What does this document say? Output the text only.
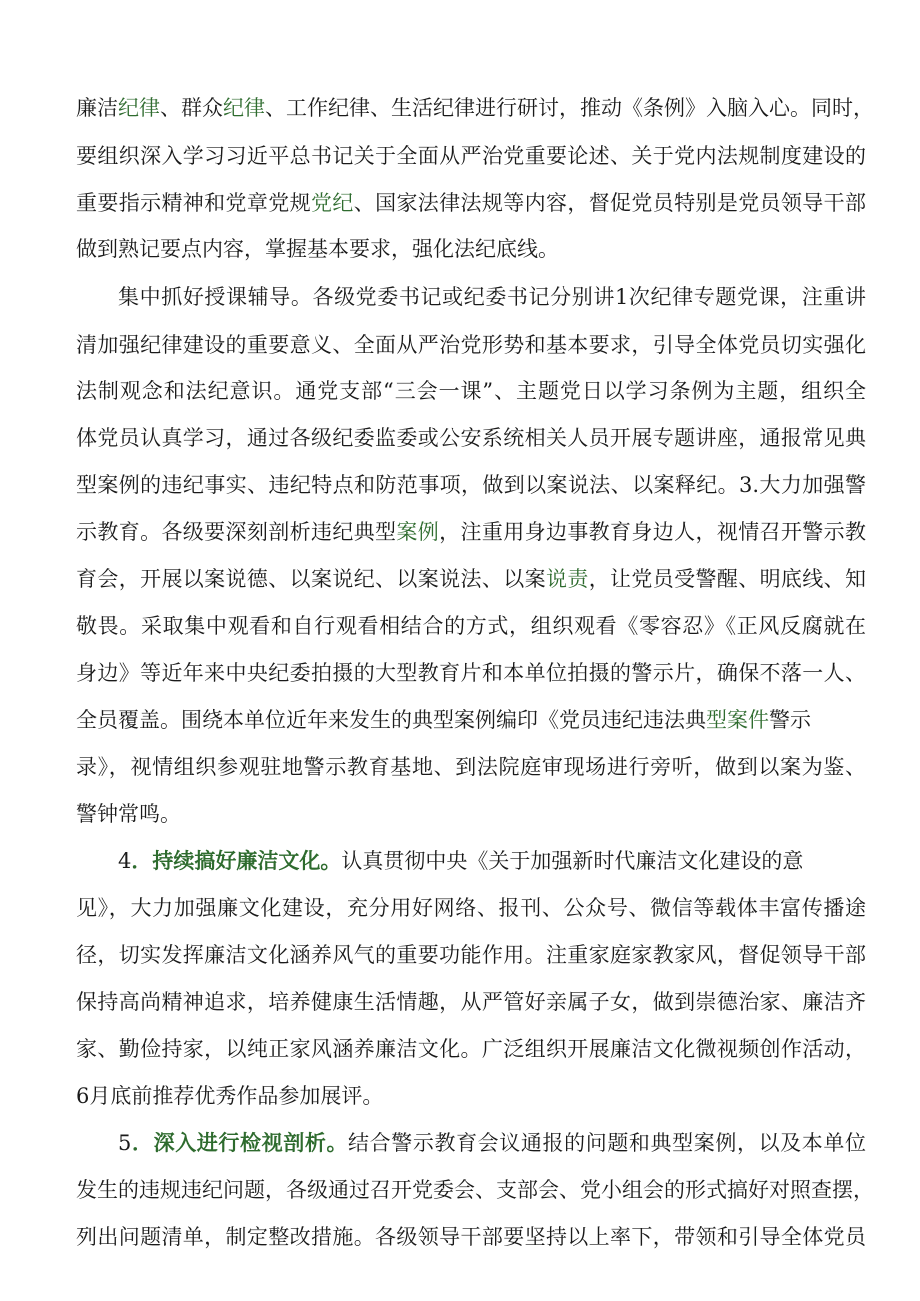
廉洁纪律、群众纪律、工作纪律、生活纪律进行研讨，推动《条例》入脑入心。同时，
要组织深入学习习近平总书记关于全面从严治党重要论述、关于党内法规制度建设的
重要指示精神和党章党规党纪、国家法律法规等内容，督促党员特别是党员领导干部
做到熟记要点内容，掌握基本要求，强化法纪底线。
集中抓好授课辅导。各级党委书记或纪委书记分别讲1次纪律专题党课，注重讲
清加强纪律建设的重要意义、全面从严治党形势和基本要求，引导全体党员切实强化
法制观念和法纪意识。通党支部“三会一课”、主题党日以学习条例为主题，组织全
体党员认真学习，通过各级纪委监委或公安系统相关人员开展专题讲座，通报常见典
型案例的违纪事实、违纪特点和防范事项，做到以案说法、以案释纪。3.大力加强警
示教育。各级要深刻剖析违纪典型案例，注重用身边事教育身边人，视情召开警示教
育会，开展以案说德、以案说纪、以案说法、以案说责，让党员受警醒、明底线、知
敬畏。采取集中观看和自行观看相结合的方式，组织观看《零容忍》《正风反腐就在
身边》等近年来中央纪委拍摄的大型教育片和本单位拍摄的警示片，确保不落一人、
全员覆盖。围绕本单位近年来发生的典型案例编印《党员违纪违法典型案件警示
录》，视情组织参观驻地警示教育基地、到法院庭审现场进行旁听，做到以案为鉴、
警钟常鸣。
4．持续搞好廉洁文化。认真贯彻中央《关于加强新时代廉洁文化建设的意
见》，大力加强廉文化建设，充分用好网络、报刊、公众号、微信等载体丰富传播途
径，切实发挥廉洁文化涵养风气的重要功能作用。注重家庭家教家风，督促领导干部
保持高尚精神追求，培养健康生活情趣，从严管好亲属子女，做到崇德治家、廉洁齐
家、勤俭持家，以纯正家风涵养廉洁文化。广泛组织开展廉洁文化微视频创作活动，
6月底前推荐优秀作品参加展评。
5．深入进行检视剖析。结合警示教育会议通报的问题和典型案例，以及本单位
发生的违规违纪问题，各级通过召开党委会、支部会、党小组会的形式搞好对照查摆，
列出问题清单，制定整改措施。各级领导干部要坚持以上率下，带领和引导全体党员
